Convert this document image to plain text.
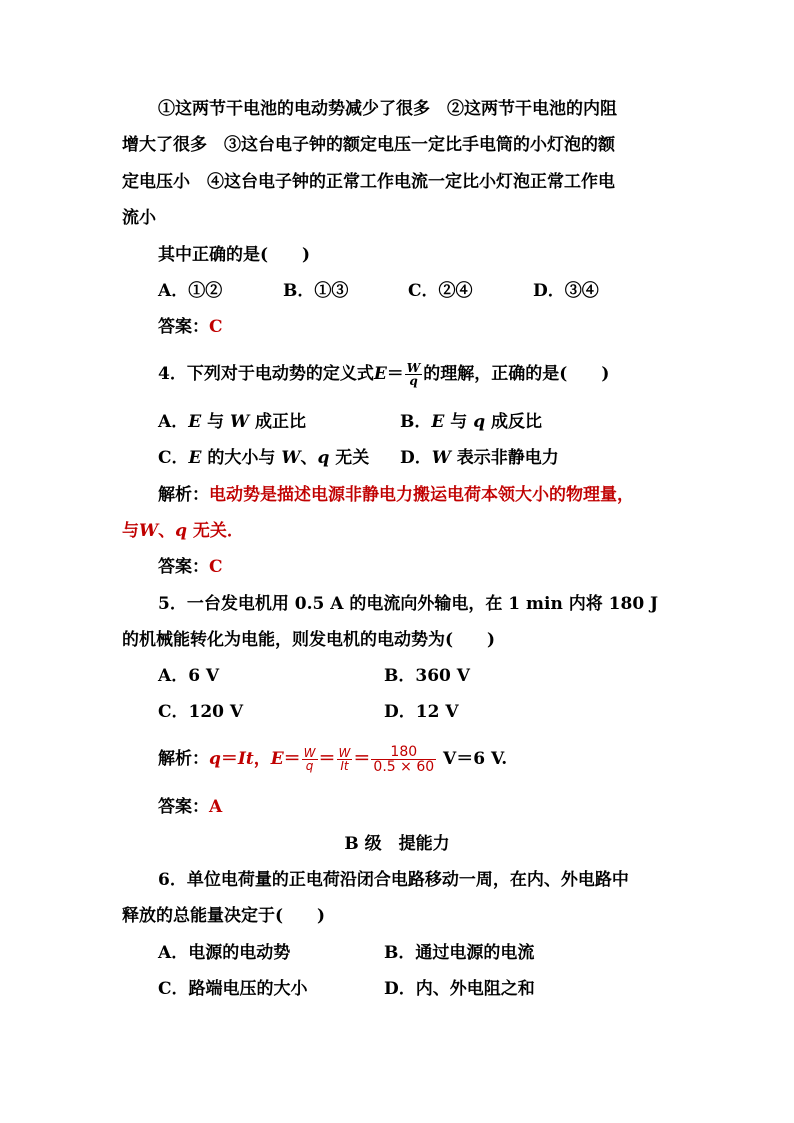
①这两节干电池的电动势减少了很多　②这两节干电池的内阻
增大了很多　③这台电子钟的额定电压一定比手电筒的小灯泡的额
定电压小　④这台电子钟的正常工作电流一定比小灯泡正常工作电
流小
其中正确的是(　　)
A．①②	B．①③	C．②④	D．③④
答案：C
4．下列对于电动势的定义式$E= \frac{W}{q}$ 的理解，正确的是(　　)
A．E 与 W 成正比	B．E 与 q 成反比
C．E 的大小与 W、q 无关 D．W 表示非静电力
解析：电动势是描述电源非静电力搬运电荷本领大小的物理量，
与W、q 无关．
答案：C
5．一台发电机用 0.5 A 的电流向外输电，在 1 min 内将 180 J
的机械能转化为电能，则发电机的电动势为(　　)
A．6 V	B．360 V
C．120 V	D．12 V
解析：q＝It，$E= \frac{W}{q} = \frac{W}{It} = \frac{180}{0.5 \times 60} V=6$ V.
答案：A
B 级　提能力
6．单位电荷量的正电荷沿闭合电路移动一周，在内、外电路中
释放的总能量决定于(　　)
A．电源的电动势	B．通过电源的电流
C．路端电压的大小	D．内、外电阻之和
